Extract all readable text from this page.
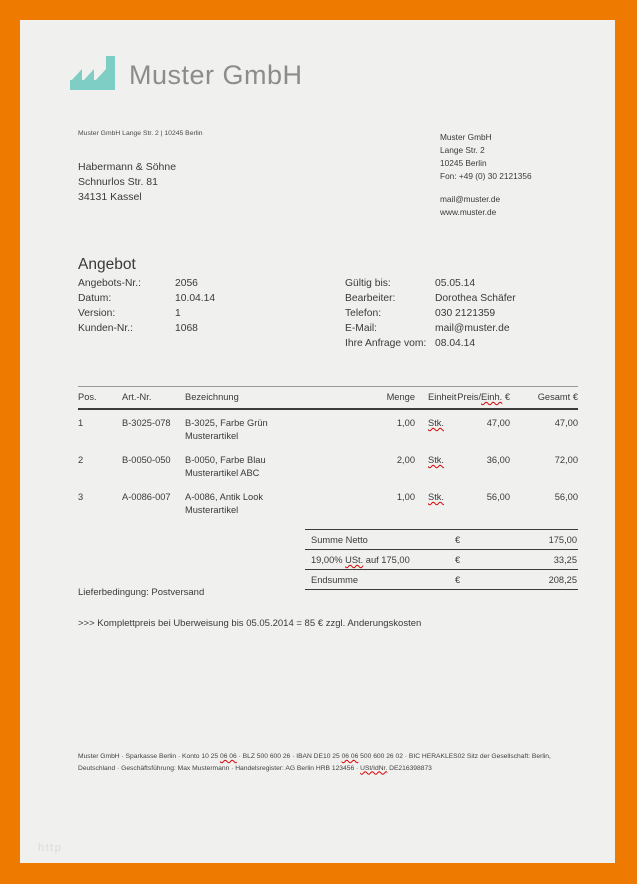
Muster GmbH
Muster GmbH Lange Str. 2 | 10245 Berlin
Habermann & Söhne
Schnurlos Str. 81
34131 Kassel
Muster GmbH
Lange Str. 2
10245 Berlin
Fon: +49 (0) 30 2121356
mail@muster.de
www.muster.de
Angebot
Angebots-Nr.:	2056
Datum:	10.04.14
Version:	1
Kunden-Nr.:	1068
Gültig bis:	05.05.14
Bearbeiter:	Dorothea Schäfer
Telefon:	030 2121359
E-Mail:	mail@muster.de
Ihre Anfrage vom: 08.04.14
Pos.	Art.-Nr.	Bezeichnung	Menge	Einheit	Preis/Einh. €	Gesamt €
1	B-3025-078	B-3025, Farbe Grün
Musterartikel	1,00	Stk.	47,00	47,00
2	B-0050-050	B-0050, Farbe Blau
Musterartikel ABC	2,00	Stk.	36,00	72,00
3	A-0086-007	A-0086, Antik Look
Musterartikel	1,00	Stk.	56,00	56,00
Summe Netto	€	175,00
19,00% USt. auf 175,00	€	33,25
Endsumme	€	208,25
Lieferbedingung: Postversand
>>> Komplettpreis bei Uberweisung bis 05.05.2014 = 85 € zzgl. Anderungskosten
Muster GmbH · Sparkasse Berlin · Konto 10 25 06 06 · BLZ 500 600 26 · IBAN DE10 25 06 06 500 600 26 02 · BIC HERAKLES02 Sitz der Gesellschaft: Berlin, Deutschland · Geschäftsführung: Max Mustermann · Handelsregister: AG Berlin HRB 123456 · USt/IdNr. DE216398873
http
